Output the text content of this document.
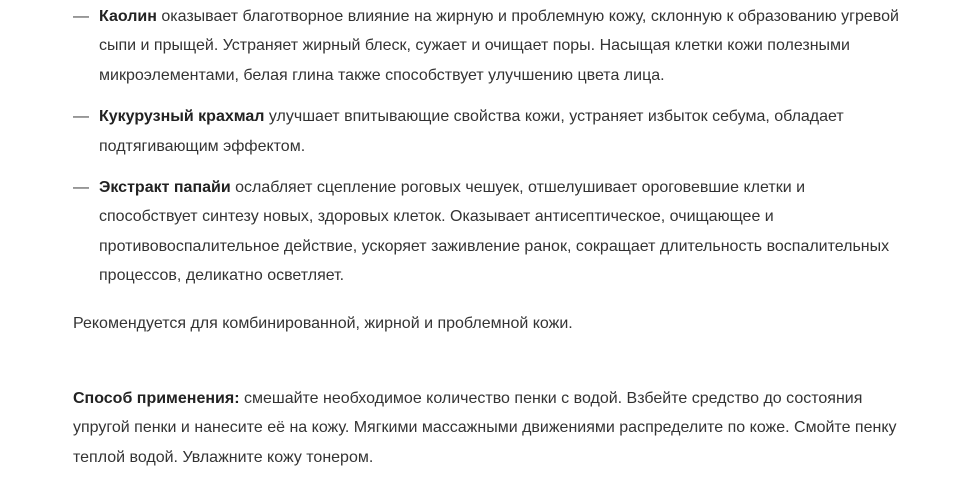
— Каолин оказывает благотворное влияние на жирную и проблемную кожу, склонную к образованию угревой сыпи и прыщей. Устраняет жирный блеск, сужает и очищает поры. Насыщая клетки кожи полезными микроэлементами, белая глина также способствует улучшению цвета лица.
— Кукурузный крахмал улучшает впитывающие свойства кожи, устраняет избыток себума, обладает подтягивающим эффектом.
— Экстракт папайи ослабляет сцепление роговых чешуек, отшелушивает ороговевшие клетки и способствует синтезу новых, здоровых клеток. Оказывает антисептическое, очищающее и противовоспалительное действие, ускоряет заживление ранок, сокращает длительность воспалительных процессов, деликатно осветляет.

Рекомендуется для комбинированной, жирной и проблемной кожи.

Способ применения: смешайте необходимое количество пенки с водой. Взбейте средство до состояния упругой пенки и нанесите её на кожу. Мягкими массажными движениями распределите по коже. Смойте пенку теплой водой. Увлажните кожу тонером.
